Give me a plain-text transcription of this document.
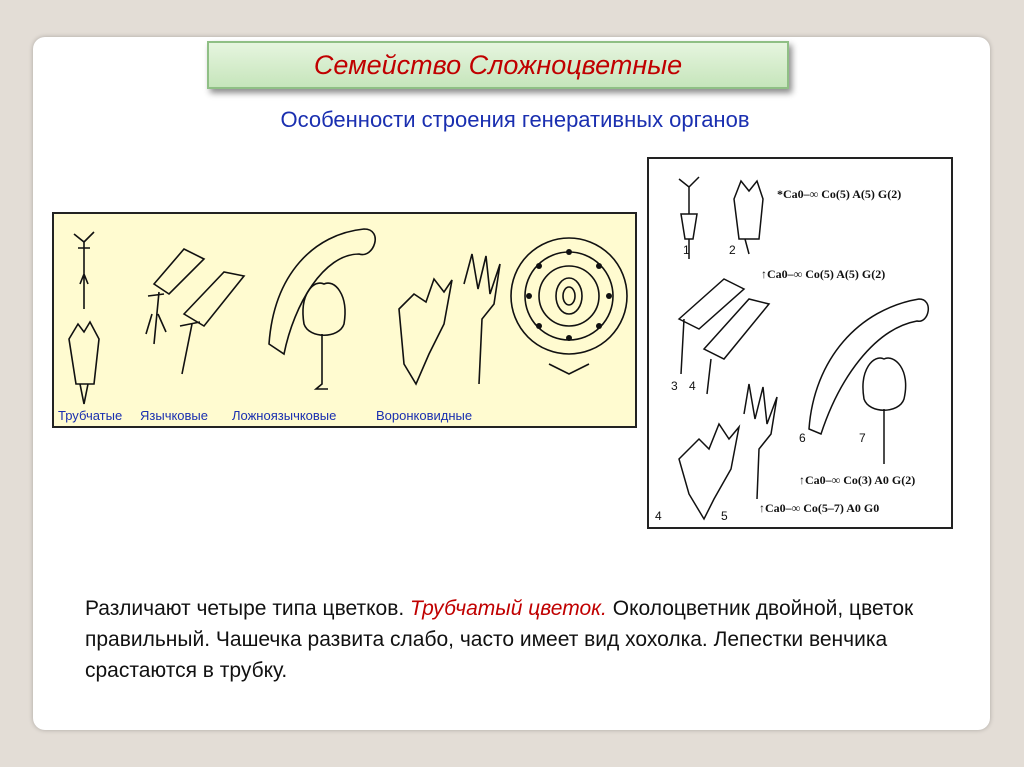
Семейство Сложноцветные
Особенности строения генеративных органов
Трубчатые Язычковые Ложноязычковые	Воронковидные
1	2
3 4
6	7
4	5
*Ca0–∞ Co(5) A(5) G(2)
↑Ca0–∞ Co(5) A(5) G(2)
↑Ca0–∞ Co(3) A0 G(2)
↑Ca0–∞ Co(5–7) A0 G0
Различают четыре типа цветков. Трубчатый цветок. Околоцветник двойной, цветок правильный. Чашечка развита слабо, часто имеет вид хохолка. Лепестки венчика срастаются в трубку.
